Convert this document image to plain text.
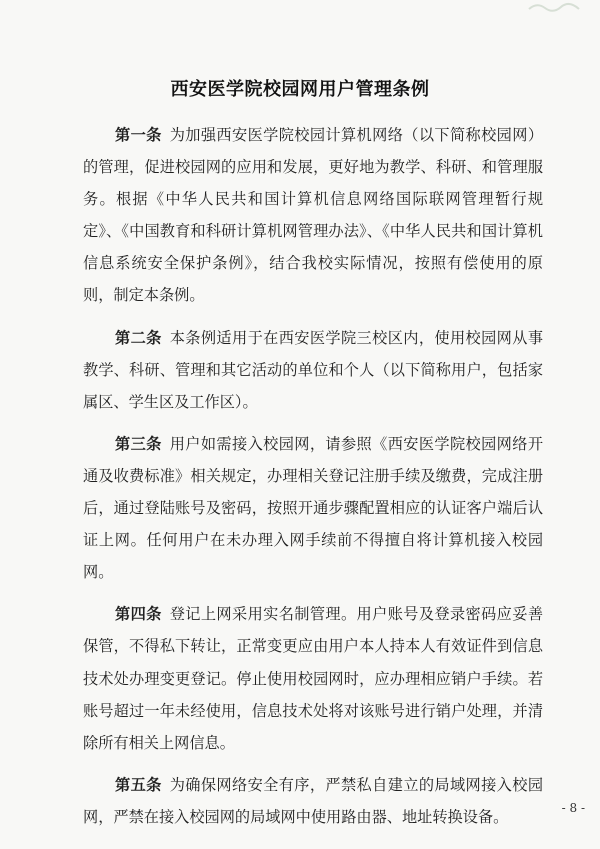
西安医学院校园网用户管理条例

第一条 为加强西安医学院校园计算机网络（以下简称校园网）的管理，促进校园网的应用和发展，更好地为教学、科研、和管理服务。根据《中华人民共和国计算机信息网络国际联网管理暂行规定》、《中国教育和科研计算机网管理办法》、《中华人民共和国计算机信息系统安全保护条例》，结合我校实际情况，按照有偿使用的原则，制定本条例。

第二条 本条例适用于在西安医学院三校区内，使用校园网从事教学、科研、管理和其它活动的单位和个人（以下简称用户，包括家属区、学生区及工作区）。

第三条 用户如需接入校园网，请参照《西安医学院校园网络开通及收费标准》相关规定，办理相关登记注册手续及缴费，完成注册后，通过登陆账号及密码，按照开通步骤配置相应的认证客户端后认证上网。任何用户在未办理入网手续前不得擅自将计算机接入校园网。

第四条 登记上网采用实名制管理。用户账号及登录密码应妥善保管，不得私下转让，正常变更应由用户本人持本人有效证件到信息技术处办理变更登记。停止使用校园网时，应办理相应销户手续。若账号超过一年未经使用，信息技术处将对该账号进行销户处理，并清除所有相关上网信息。

第五条 为确保网络安全有序，严禁私自建立的局域网接入校园网，严禁在接入校园网的局域网中使用路由器、地址转换设备。	- 8 -
